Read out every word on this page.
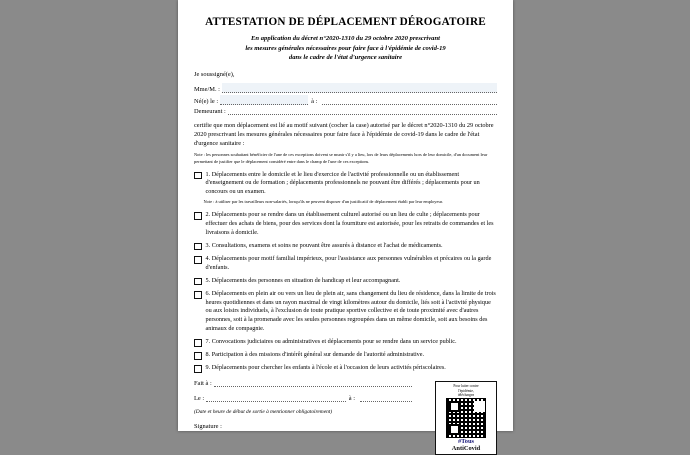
ATTESTATION DE DÉPLACEMENT DÉROGATOIRE
En application du décret n°2020-1310 du 29 octobre 2020 prescrivant
les mesures générales nécessaires pour faire face à l'épidémie de covid-19
dans le cadre de l'état d'urgence sanitaire
Je soussigné(e),
Mme/M. :
Né(e) le :	à :
Demeurant :
certifie que mon déplacement est lié au motif suivant (cocher la case) autorisé par le décret n°2020-1310 du 29 octobre 2020 prescrivant les mesures générales nécessaires pour faire face à l'épidémie de covid-19 dans le cadre de l'état d'urgence sanitaire :
Note : les personnes souhaitant bénéficier de l'une de ces exceptions doivent se munir s'il y a lieu, lors de leurs déplacements hors de leur domicile, d'un document leur permettant de justifier que le déplacement considéré entre dans le champ de l'une de ces exceptions.
1. Déplacements entre le domicile et le lieu d'exercice de l'activité professionnelle ou un établissement d'enseignement ou de formation ; déplacements professionnels ne pouvant être différés ; déplacements pour un concours ou un examen.
Note : à utiliser par les travailleurs non-salariés, lorsqu'ils ne peuvent disposer d'un justificatif de déplacement établi par leur employeur.
2. Déplacements pour se rendre dans un établissement culturel autorisé ou un lieu de culte ; déplacements pour effectuer des achats de biens, pour des services dont la fourniture est autorisée, pour les retraits de commandes et les livraisons à domicile.
3. Consultations, examens et soins ne pouvant être assurés à distance et l'achat de médicaments.
4. Déplacements pour motif familial impérieux, pour l'assistance aux personnes vulnérables et précaires ou la garde d'enfants.
5. Déplacements des personnes en situation de handicap et leur accompagnant.
6. Déplacements en plein air ou vers un lieu de plein air, sans changement du lieu de résidence, dans la limite de trois heures quotidiennes et dans un rayon maximal de vingt kilomètres autour du domicile, liés soit à l'activité physique ou aux loisirs individuels, à l'exclusion de toute pratique sportive collective et de toute proximité avec d'autres personnes, soit à la promenade avec les seules personnes regroupées dans un même domicile, soit aux besoins des animaux de compagnie.
7. Convocations judiciaires ou administratives et déplacements pour se rendre dans un service public.
8. Participation à des missions d'intérêt général sur demande de l'autorité administrative.
9. Déplacements pour chercher les enfants à l'école et à l'occasion de leurs activités périscolaires.
Pour lutter contre
l'épidémie,
téléchargez
#Tous
AntiCovid
Fait à :
Le :	à :
(Date et heure de début de sortie à mentionner obligatoirement)
Signature :
